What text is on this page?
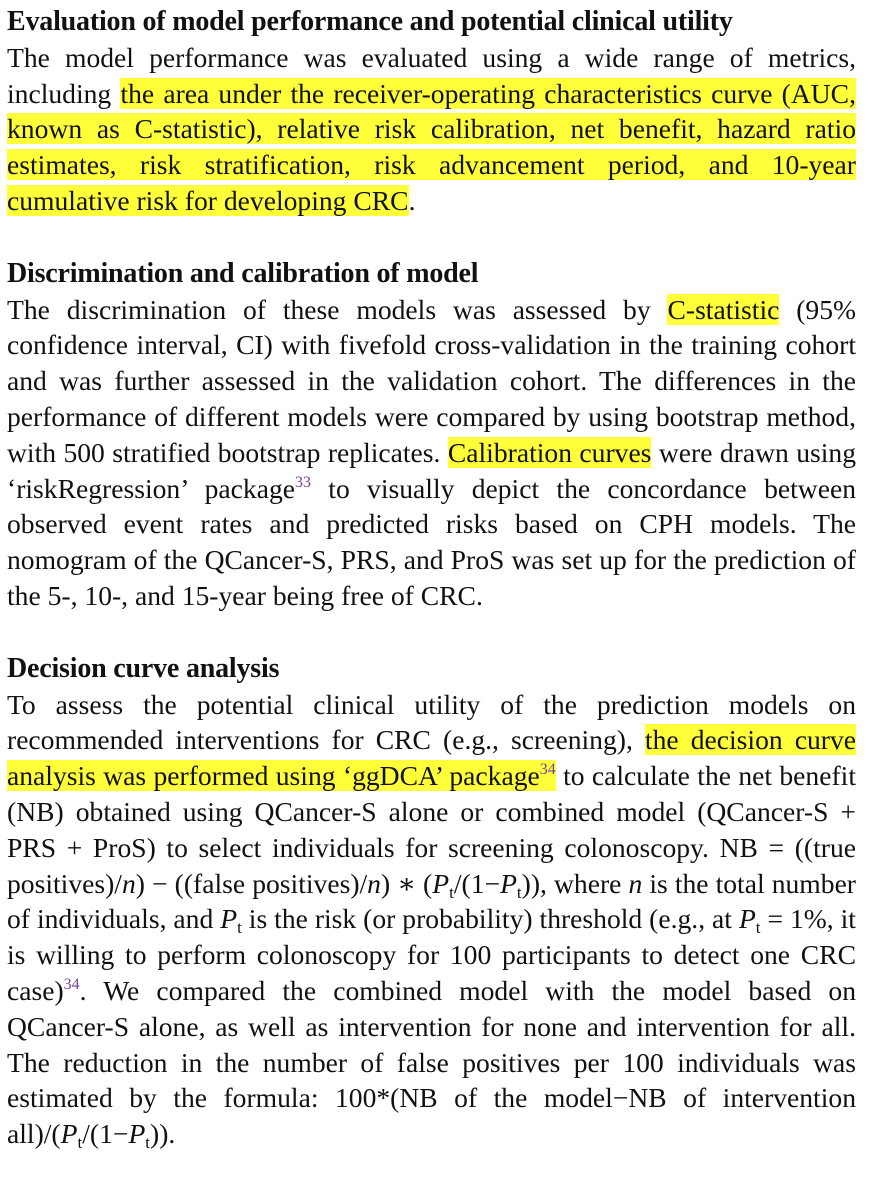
Evaluation of model performance and potential clinical utility

The model performance was evaluated using a wide range of metrics, including the area under the receiver-operating characteristics curve (AUC, known as C-statistic), relative risk calibration, net benefit, hazard ratio estimates, risk stratification, risk advancement period, and 10-year cumulative risk for developing CRC.

Discrimination and calibration of model

The discrimination of these models was assessed by C-statistic (95% confidence interval, CI) with fivefold cross-validation in the training cohort and was further assessed in the validation cohort. The differences in the performance of different models were compared by using bootstrap method, with 500 stratified bootstrap replicates. Calibration curves were drawn using ‘riskRegression’ package$^{33}$ to visually depict the concordance between observed event rates and predicted risks based on CPH models. The nomogram of the QCancer-S, PRS, and ProS was set up for the prediction of the 5-, 10-, and 15-year being free of CRC.

Decision curve analysis

To assess the potential clinical utility of the prediction models on recommended interventions for CRC (e.g., screening), the decision curve analysis was performed using ‘ggDCA’ package$^{34}$ to calculate the net benefit (NB) obtained using QCancer-S alone or combined model (QCancer-S + PRS + ProS) to select individuals for screening colonoscopy. NB = ((true positives)/n) − ((false positives)/n) ∗ $(P_t/(1-P_t))$, where n is the total number of individuals, and $P_t$ is the risk (or probability) threshold (e.g., at $P_t = 1\%$, it is willing to perform colonoscopy for 100 participants to detect one CRC case)$^{34}$. We compared the combined model with the model based on QCancer-S alone, as well as intervention for none and intervention for all. The reduction in the number of false positives per 100 individuals was estimated by the formula: 100*(NB of the model−NB of intervention $all)/(P_t/(1-P_t))$.
